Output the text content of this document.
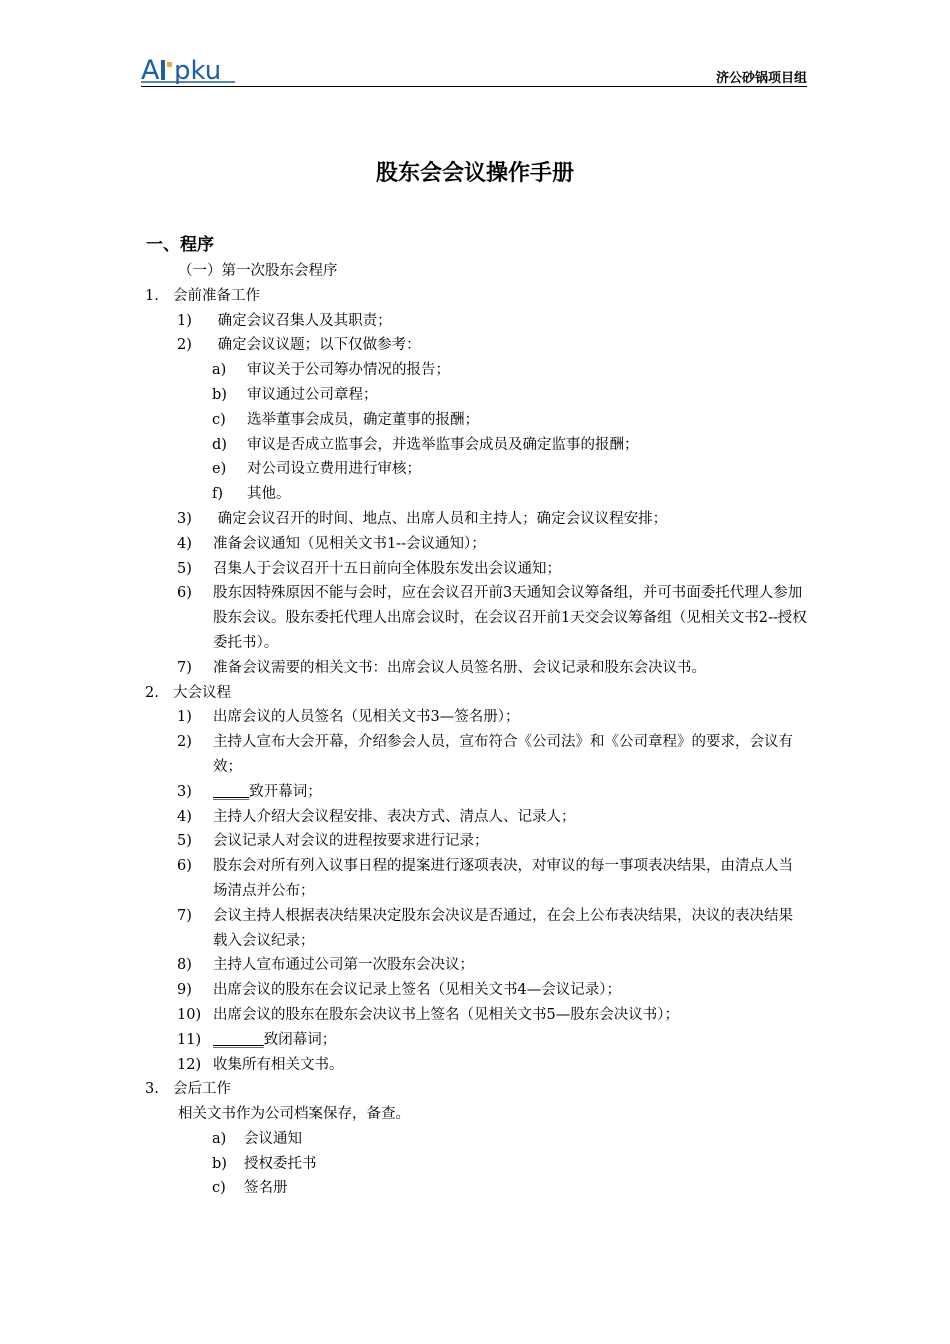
A pku	济公砂锅项目组
股东会会议操作手册
一、程序
（一）第一次股东会程序
1. 会前准备工作
1)	确定会议召集人及其职责；
2)	确定会议议题；以下仅做参考：
a)	审议关于公司筹办情况的报告；
b)	审议通过公司章程；
c)	选举董事会成员，确定董事的报酬；
d)	审议是否成立监事会，并选举监事会成员及确定监事的报酬；
e)	对公司设立费用进行审核；
f)	其他。
3)	确定会议召开的时间、地点、出席人员和主持人；确定会议议程安排；
4)	准备会议通知（见相关文书1--会议通知）；
5)	召集人于会议召开十五日前向全体股东发出会议通知；
6)	股东因特殊原因不能与会时，应在会议召开前3天通知会议筹备组，并可书面委托代理人参加股东会议。股东委托代理人出席会议时，在会议召开前1天交会议筹备组（见相关文书2--授权委托书）。
7)	准备会议需要的相关文书：出席会议人员签名册、会议记录和股东会决议书。
2. 大会议程
1)	出席会议的人员签名（见相关文书3—签名册）；
2)	主持人宣布大会开幕，介绍参会人员，宣布符合《公司法》和《公司章程》的要求，会议有效；
3)	_____致开幕词；
4)	主持人介绍大会议程安排、表决方式、清点人、记录人；
5)	会议记录人对会议的进程按要求进行记录；
6)	股东会对所有列入议事日程的提案进行逐项表决，对审议的每一事项表决结果，由清点人当场清点并公布；
7)	会议主持人根据表决结果决定股东会决议是否通过，在会上公布表决结果，决议的表决结果载入会议纪录；
8)	主持人宣布通过公司第一次股东会决议；
9)	出席会议的股东在会议记录上签名（见相关文书4—会议记录）；
10) 出席会议的股东在股东会决议书上签名（见相关文书5—股东会决议书）；
11) _______致闭幕词；
12) 收集所有相关文书。
3. 会后工作
相关文书作为公司档案保存，备查。
a)	会议通知
b)	授权委托书
c)	签名册
